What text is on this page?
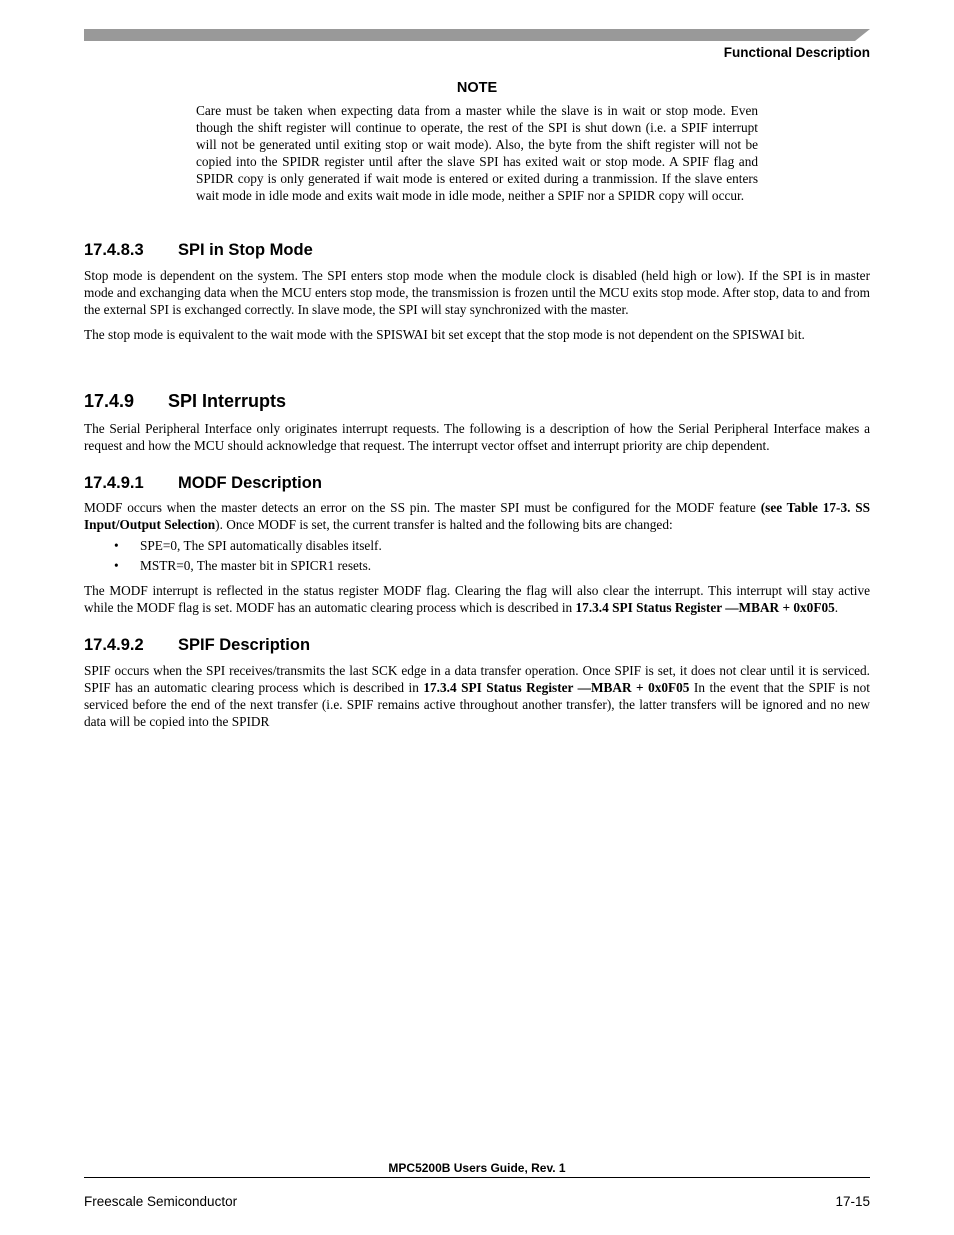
Functional Description
NOTE
Care must be taken when expecting data from a master while the slave is in wait or stop mode. Even though the shift register will continue to operate, the rest of the SPI is shut down (i.e. a SPIF interrupt will not be generated until exiting stop or wait mode). Also, the byte from the shift register will not be copied into the SPIDR register until after the slave SPI has exited wait or stop mode. A SPIF flag and SPIDR copy is only generated if wait mode is entered or exited during a tranmission. If the slave enters wait mode in idle mode and exits wait mode in idle mode, neither a SPIF nor a SPIDR copy will occur.
17.4.8.3 SPI in Stop Mode

Stop mode is dependent on the system. The SPI enters stop mode when the module clock is disabled (held high or low). If the SPI is in master mode and exchanging data when the MCU enters stop mode, the transmission is frozen until the MCU exits stop mode. After stop, data to and from the external SPI is exchanged correctly. In slave mode, the SPI will stay synchronized with the master.

The stop mode is equivalent to the wait mode with the SPISWAI bit set except that the stop mode is not dependent on the SPISWAI bit.

17.4.9 SPI Interrupts

The Serial Peripheral Interface only originates interrupt requests. The following is a description of how the Serial Peripheral Interface makes a request and how the MCU should acknowledge that request. The interrupt vector offset and interrupt priority are chip dependent.

17.4.9.1 MODF Description

MODF occurs when the master detects an error on the SS pin. The master SPI must be configured for the MODF feature (see Table 17-3. SS Input/Output Selection). Once MODF is set, the current transfer is halted and the following bits are changed:

• SPE=0, The SPI automatically disables itself.
• MSTR=0, The master bit in SPICR1 resets.

The MODF interrupt is reflected in the status register MODF flag. Clearing the flag will also clear the interrupt. This interrupt will stay active while the MODF flag is set. MODF has an automatic clearing process which is described in 17.3.4 SPI Status Register —MBAR + 0x0F05.

17.4.9.2 SPIF Description

SPIF occurs when the SPI receives/transmits the last SCK edge in a data transfer operation. Once SPIF is set, it does not clear until it is serviced. SPIF has an automatic clearing process which is described in 17.3.4 SPI Status Register —MBAR + 0x0F05 In the event that the SPIF is not serviced before the end of the next transfer (i.e. SPIF remains active throughout another transfer), the latter transfers will be ignored and no new data will be copied into the SPIDR

MPC5200B Users Guide, Rev. 1
Freescale Semiconductor	17-15
